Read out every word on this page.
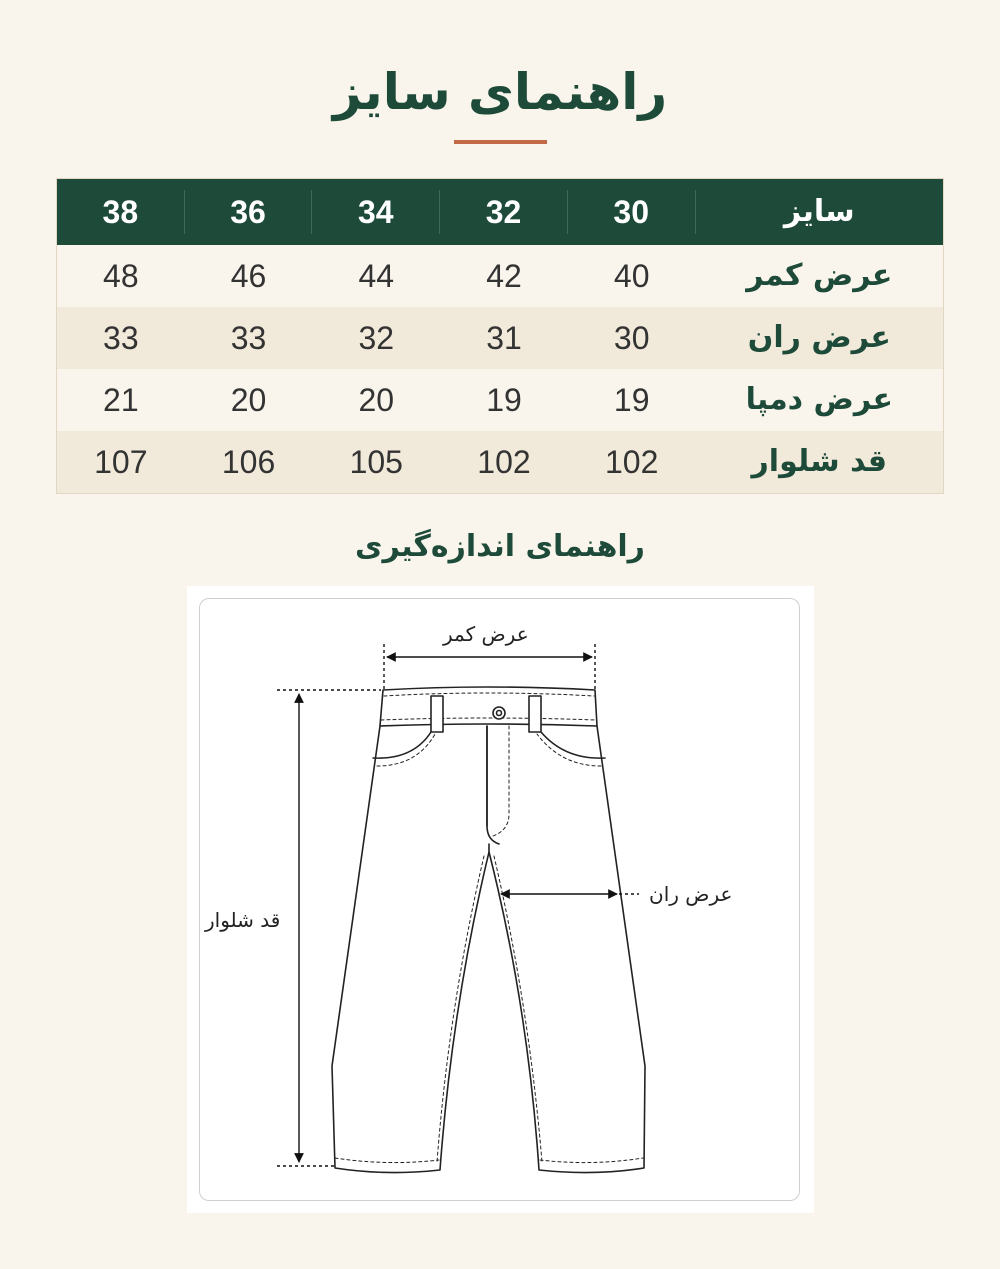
راهنمای سایز
سایز
30
32
34
36
38
عرض کمر
40
42
44
46
48
عرض ران
30
31
32
33
33
عرض دمپا
19
19
20
20
21
قد شلوار
102
102
105
106
107
راهنمای اندازه‌گیری
عرض کمر
عرض ران
قد شلوار
